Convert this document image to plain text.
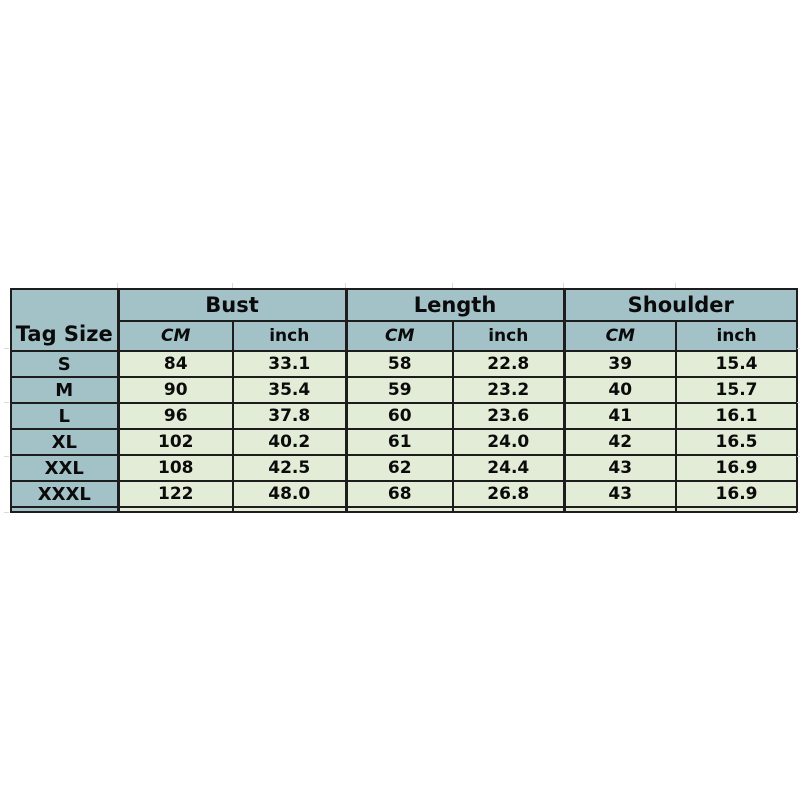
Tag Size	Bust		Length		Shoulder	
	CM	inch	CM	inch	CM	inch
S	84	33.1	58	22.8	39	15.4
M	90	35.4	59	23.2	40	15.7
L	96	37.8	60	23.6	41	16.1
XL	102	40.2	61	24.0	42	16.5
XXL	108	42.5	62	24.4	43	16.9
XXXL	122	48.0	68	26.8	43	16.9
